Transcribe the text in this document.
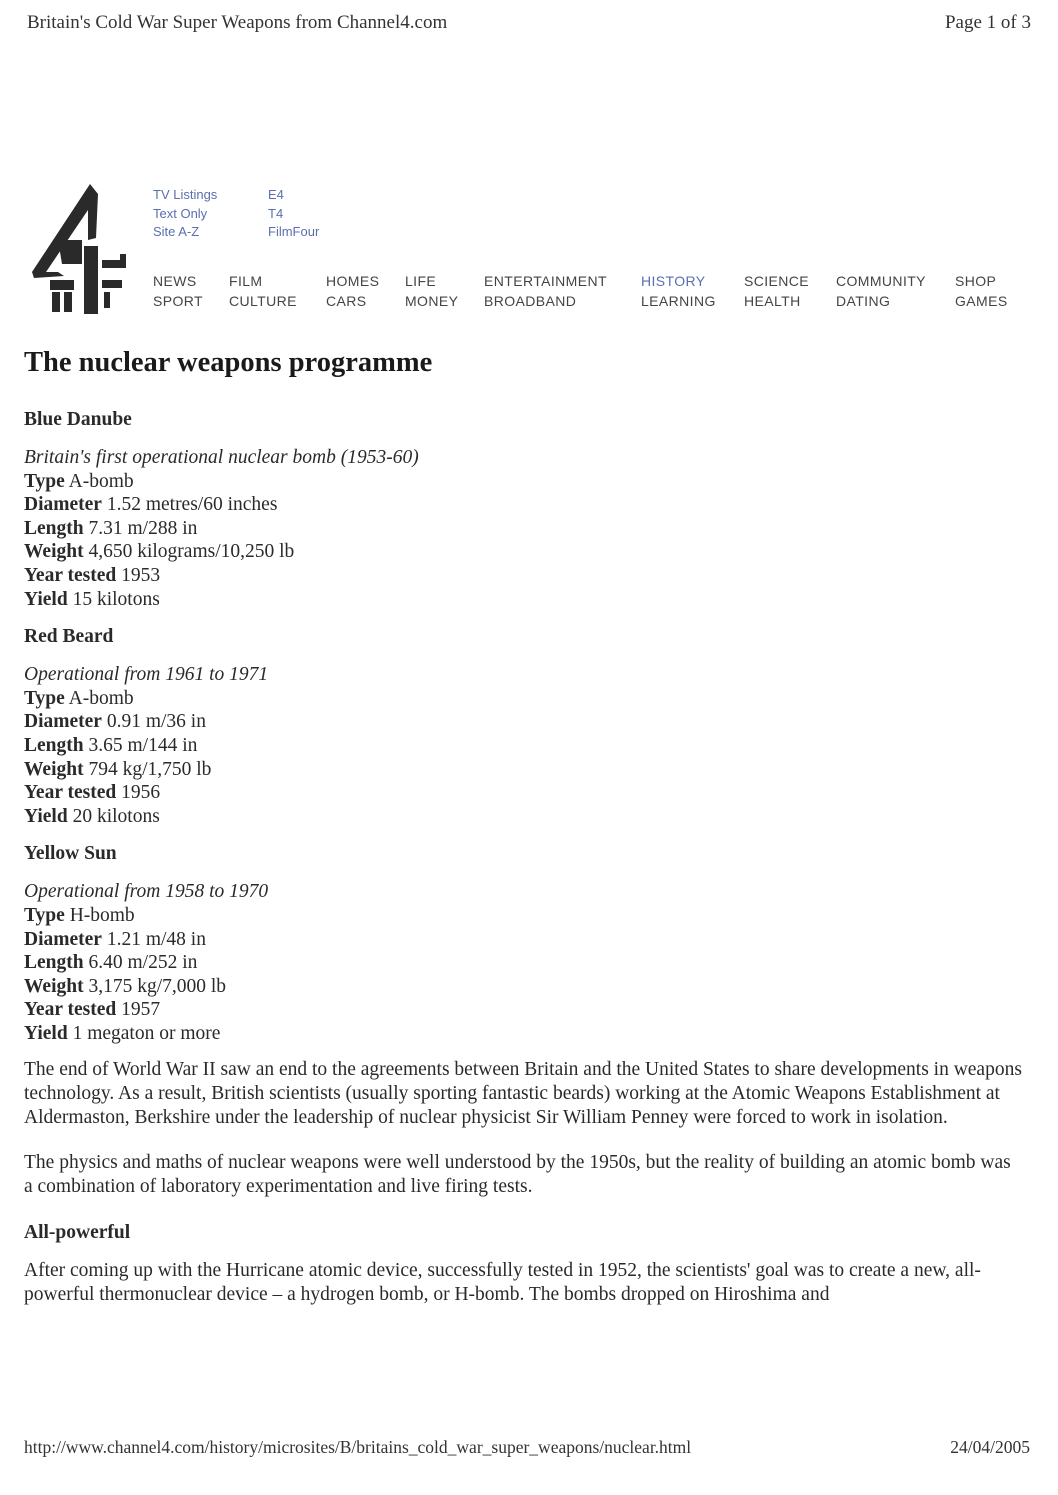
Britain's Cold War Super Weapons from Channel4.com	Page 1 of 3
TV Listings	E4
Text Only	T4
Site A-Z	FilmFour
NEWS
SPORT
FILM
CULTURE
HOMES
CARS
LIFE
MONEY
ENTERTAINMENT
BROADBAND
HISTORY
LEARNING
SCIENCE
HEALTH
COMMUNITY
DATING
SHOP
GAMES
The nuclear weapons programme
Blue Danube

Britain's first operational nuclear bomb (1953-60)

Type A-bomb

Diameter 1.52 metres/60 inches

Length 7.31 m/288 in

Weight 4,650 kilograms/10,250 lb

Year tested 1953

Yield 15 kilotons

Red Beard

Operational from 1961 to 1971

Type A-bomb

Diameter 0.91 m/36 in

Length 3.65 m/144 in

Weight 794 kg/1,750 lb

Year tested 1956

Yield 20 kilotons

Yellow Sun

Operational from 1958 to 1970

Type H-bomb

Diameter 1.21 m/48 in

Length 6.40 m/252 in

Weight 3,175 kg/7,000 lb

Year tested 1957

Yield 1 megaton or more

The end of World War II saw an end to the agreements between Britain and the United States to share developments in weapons technology. As a result, British scientists (usually sporting fantastic beards) working at the Atomic Weapons Establishment at Aldermaston, Berkshire under the leadership of nuclear physicist Sir William Penney were forced to work in isolation.

The physics and maths of nuclear weapons were well understood by the 1950s, but the reality of building an atomic bomb was a combination of laboratory experimentation and live firing tests.

All-powerful

After coming up with the Hurricane atomic device, successfully tested in 1952, the scientists' goal was to create a new, all-powerful thermonuclear device – a hydrogen bomb, or H-bomb. The bombs dropped on Hiroshima and

http://www.channel4.com/history/microsites/B/britains_cold_war_super_weapons/nuclear.html	24/04/2005
